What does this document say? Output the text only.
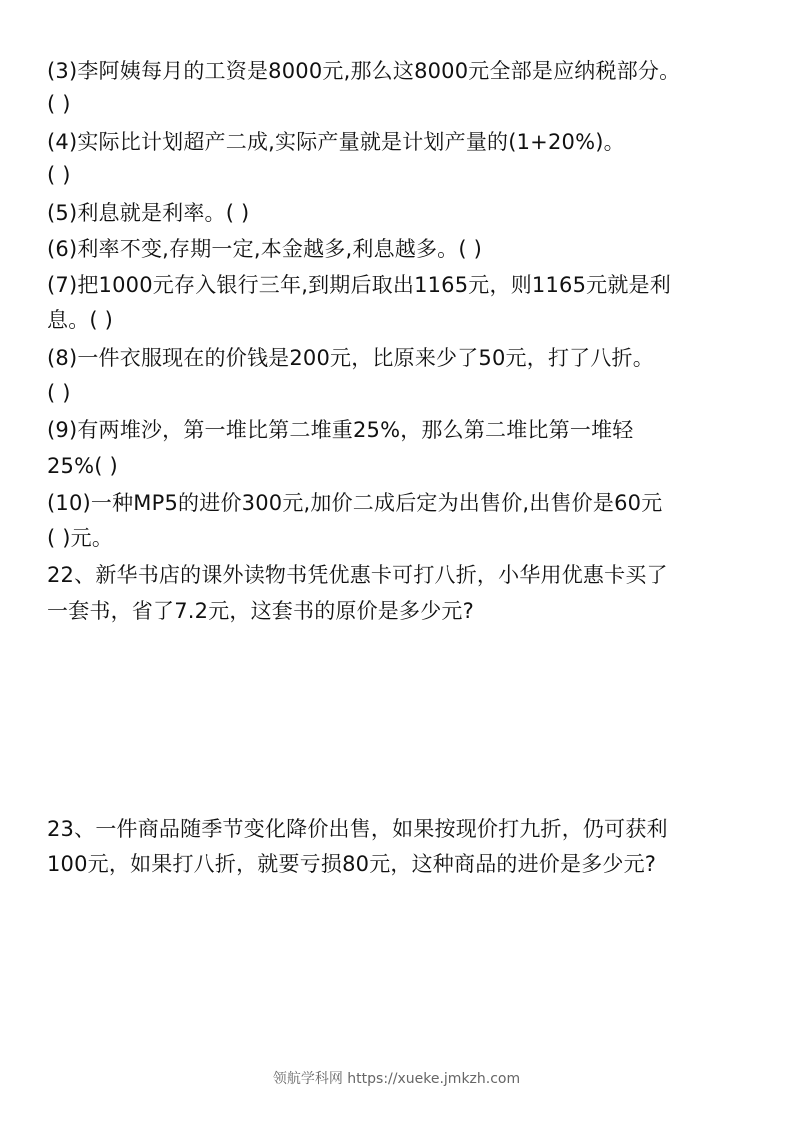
(3)李阿姨每月的工资是8000元,那么这8000元全部是应纳税部分。
( )
(4)实际比计划超产二成,实际产量就是计划产量的(1+20%)。
( )
(5)利息就是利率。( )
(6)利率不变,存期一定,本金越多,利息越多。( )
(7)把1000元存入银行三年,到期后取出1165元，则1165元就是利
息。( )
(8)一件衣服现在的价钱是200元，比原来少了50元，打了八折。
( )
(9)有两堆沙，第一堆比第二堆重25%，那么第二堆比第一堆轻
25%( )
(10)一种MP5的进价300元,加价二成后定为出售价,出售价是60元
( )元。
22、新华书店的课外读物书凭优惠卡可打八折，小华用优惠卡买了
一套书，省了7.2元，这套书的原价是多少元?
23、一件商品随季节变化降价出售，如果按现价打九折，仍可获利
100元，如果打八折，就要亏损80元，这种商品的进价是多少元?
领航学科网 https://xueke.jmkzh.com
